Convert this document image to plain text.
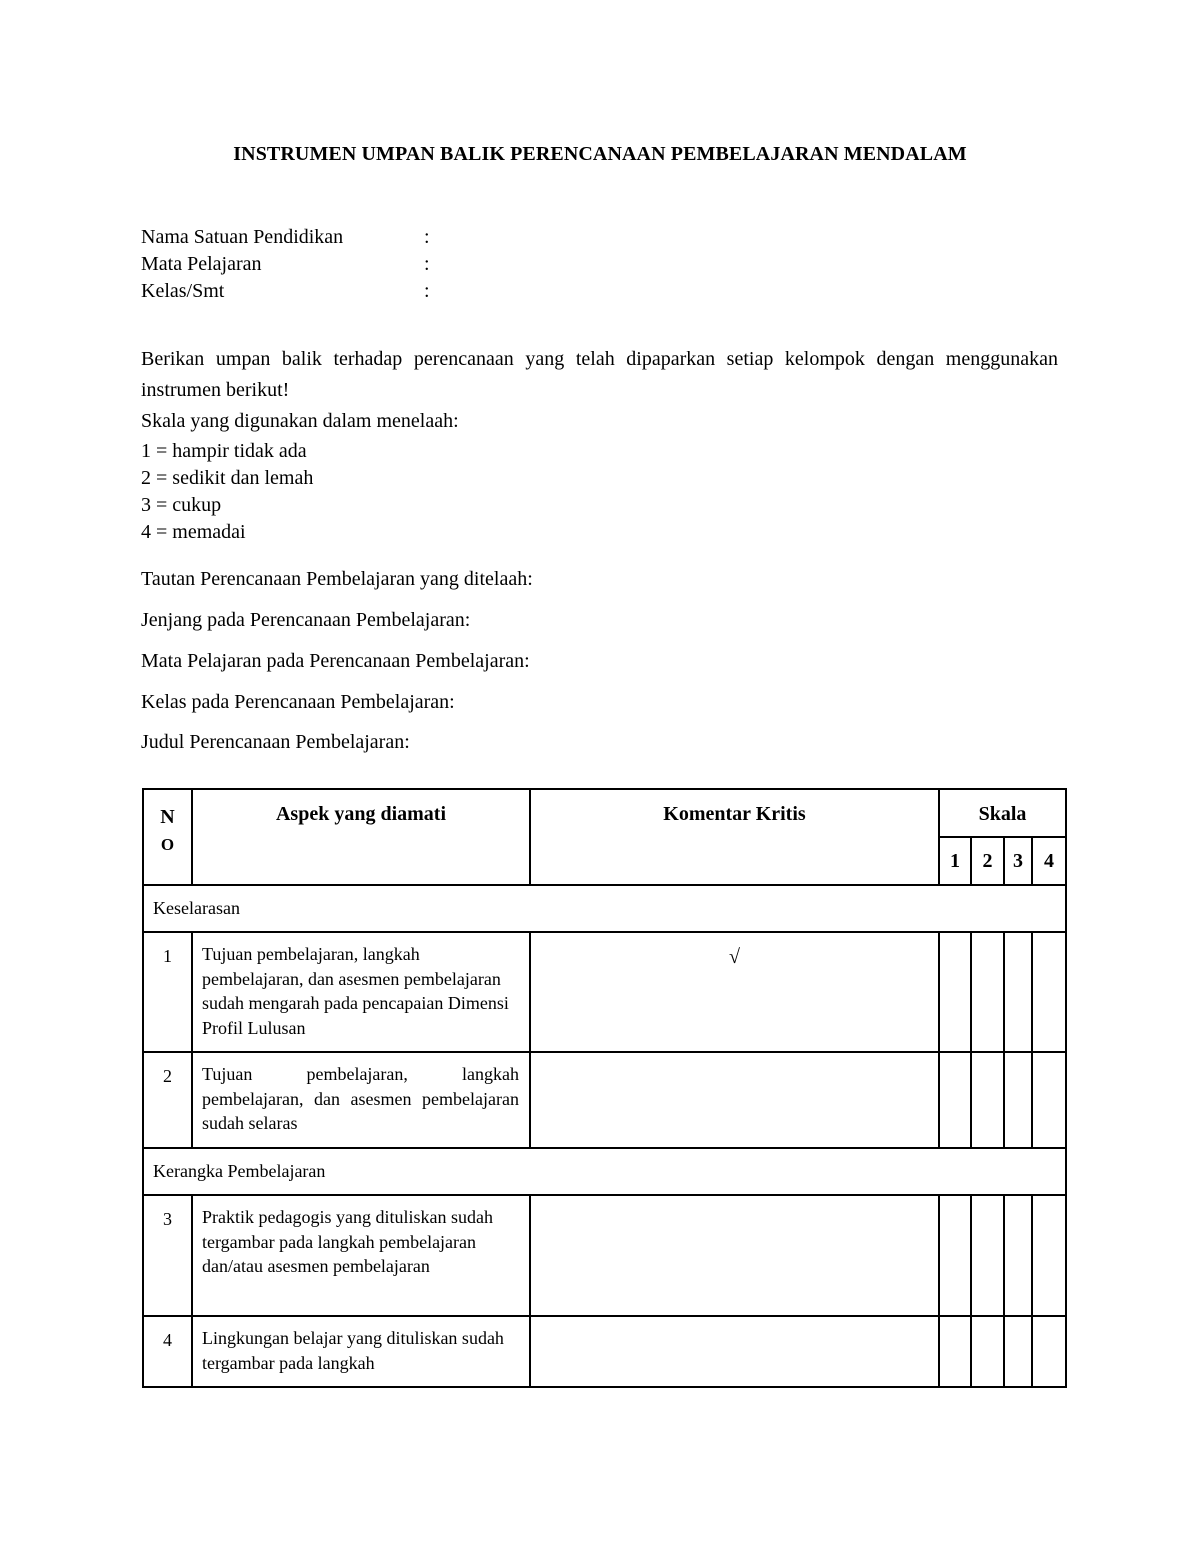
INSTRUMEN UMPAN BALIK PERENCANAAN PEMBELAJARAN MENDALAM
Nama Satuan Pendidikan	:
Mata Pelajaran	:
Kelas/Smt	:
Berikan umpan balik terhadap perencanaan yang telah dipaparkan setiap kelompok dengan menggunakan instrumen berikut!
Skala yang digunakan dalam menelaah:
1 = hampir tidak ada
2 = sedikit dan lemah
3 = cukup
4 = memadai
Tautan Perencanaan Pembelajaran yang ditelaah:
Jenjang pada Perencanaan Pembelajaran:
Mata Pelajaran pada Perencanaan Pembelajaran:
Kelas pada Perencanaan Pembelajaran:
Judul Perencanaan Pembelajaran:
N
O	Aspek yang diamati	Komentar Kritis	Skala			
			1	2	3	4
Keselarasan						
1	Tujuan pembelajaran, langkah pembelajaran, dan asesmen pembelajaran sudah mengarah pada pencapaian Dimensi Profil Lulusan	√				
2	Tujuan pembelajaran, langkah pembelajaran, dan asesmen pembelajaran sudah selaras					
Kerangka Pembelajaran						
3	Praktik pedagogis yang dituliskan sudah tergambar pada langkah pembelajaran dan/atau asesmen pembelajaran					
4	Lingkungan belajar yang dituliskan sudah tergambar pada langkah					
